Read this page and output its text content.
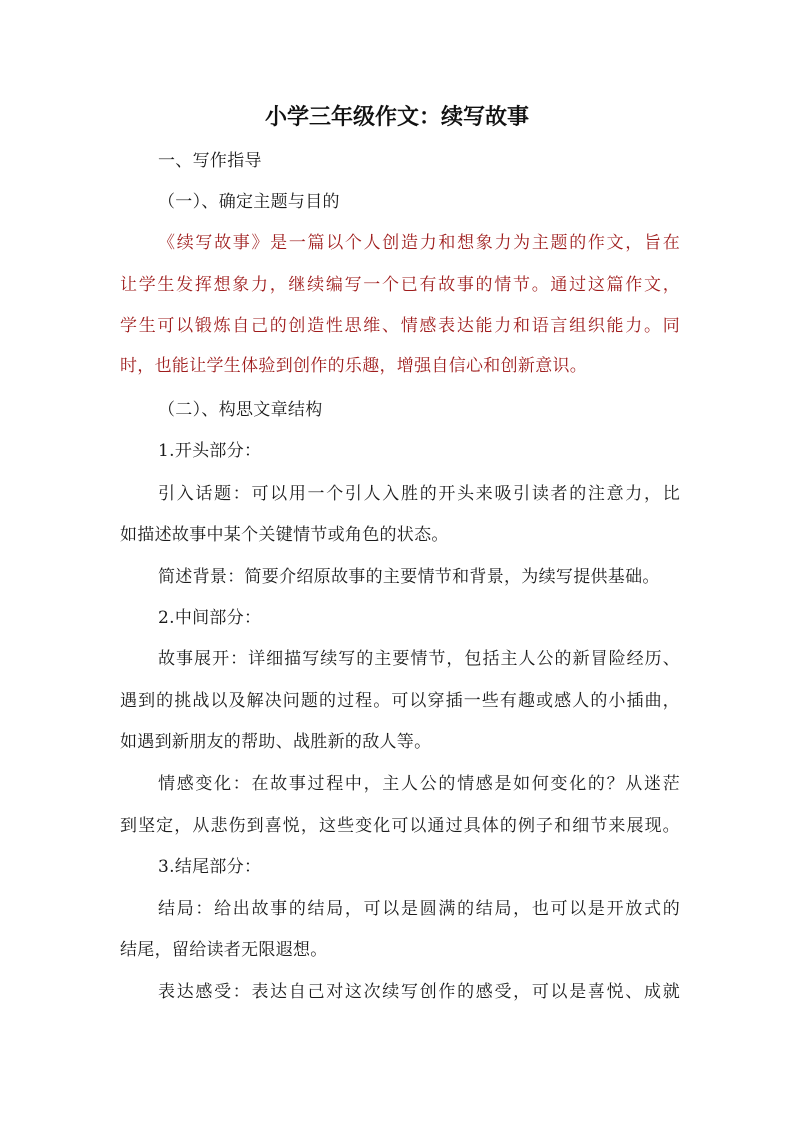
小学三年级作文：续写故事
一、写作指导
（一）、确定主题与目的
《续写故事》是一篇以个人创造力和想象力为主题的作文，旨在
让学生发挥想象力，继续编写一个已有故事的情节。通过这篇作文，
学生可以锻炼自己的创造性思维、情感表达能力和语言组织能力。同
时，也能让学生体验到创作的乐趣，增强自信心和创新意识。
（二）、构思文章结构
1.开头部分：
引入话题：可以用一个引人入胜的开头来吸引读者的注意力，比
如描述故事中某个关键情节或角色的状态。
简述背景：简要介绍原故事的主要情节和背景，为续写提供基础。
2.中间部分：
故事展开：详细描写续写的主要情节，包括主人公的新冒险经历、
遇到的挑战以及解决问题的过程。可以穿插一些有趣或感人的小插曲，
如遇到新朋友的帮助、战胜新的敌人等。
情感变化：在故事过程中，主人公的情感是如何变化的？从迷茫
到坚定，从悲伤到喜悦，这些变化可以通过具体的例子和细节来展现。
3.结尾部分：
结局：给出故事的结局，可以是圆满的结局，也可以是开放式的
结尾，留给读者无限遐想。
表达感受：表达自己对这次续写创作的感受，可以是喜悦、成就
